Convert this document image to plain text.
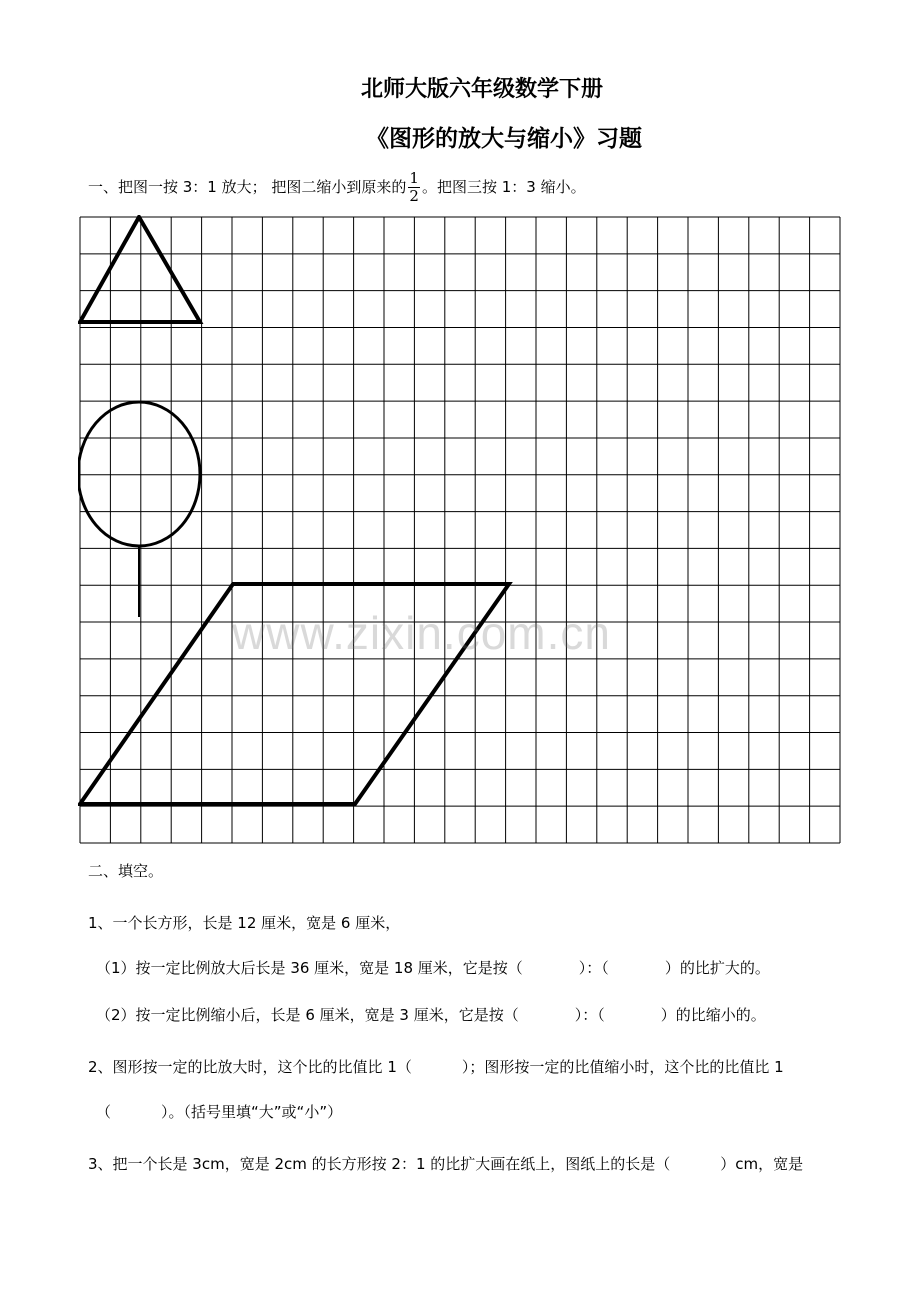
北师大版六年级数学下册
《图形的放大与缩小》习题

一、把图一按 3：1 放大； 把图二缩小到原来的 $\frac{1}{2}$ 。把图三按 1：3 缩小。

www.zixin.com.cn

二、填空。

1、一个长方形，长是 12 厘米，宽是 6 厘米，

（1）按一定比例放大后长是 36 厘米，宽是 18 厘米，它是按（	）：（	）的比扩大的。

（2）按一定比例缩小后，长是 6 厘米，宽是 3 厘米，它是按（	）：（	）的比缩小的。

2、图形按一定的比放大时，这个比的比值比 1（	）；图形按一定的比值缩小时，这个比的比值比 1

（	）。（括号里填“大”或“小”）

3、把一个长是 3cm，宽是 2cm 的长方形按 2：1 的比扩大画在纸上，图纸上的长是（	）cm，宽是
